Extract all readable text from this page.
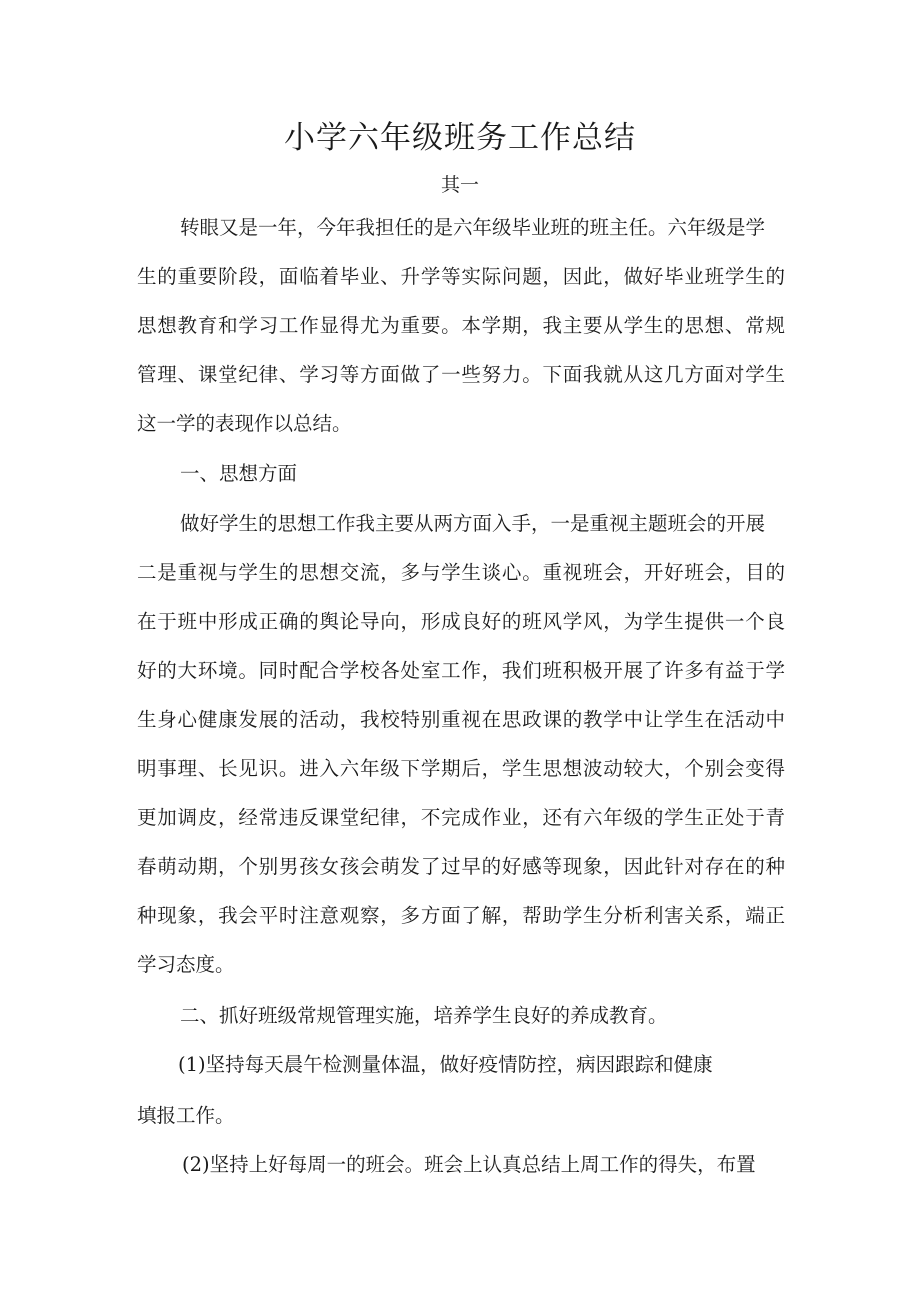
小学六年级班务工作总结
其一
转眼又是一年，今年我担任的是六年级毕业班的班主任。六年级是学
生的重要阶段，面临着毕业、升学等实际问题，因此，做好毕业班学生的
思想教育和学习工作显得尤为重要。本学期，我主要从学生的思想、常规
管理、课堂纪律、学习等方面做了一些努力。下面我就从这几方面对学生
这一学的表现作以总结。
一、思想方面
做好学生的思想工作我主要从两方面入手，一是重视主题班会的开展
二是重视与学生的思想交流，多与学生谈心。重视班会，开好班会，目的
在于班中形成正确的舆论导向，形成良好的班风学风，为学生提供一个良
好的大环境。同时配合学校各处室工作，我们班积极开展了许多有益于学
生身心健康发展的活动，我校特别重视在思政课的教学中让学生在活动中
明事理、长见识。进入六年级下学期后，学生思想波动较大，个别会变得
更加调皮，经常违反课堂纪律，不完成作业，还有六年级的学生正处于青
春萌动期，个别男孩女孩会萌发了过早的好感等现象，因此针对存在的种
种现象，我会平时注意观察，多方面了解，帮助学生分析利害关系，端正
学习态度。
二、抓好班级常规管理实施，培养学生良好的养成教育。
(1)坚持每天晨午检测量体温，做好疫情防控，病因跟踪和健康
填报工作。
(2)坚持上好每周一的班会。班会上认真总结上周工作的得失，布置
